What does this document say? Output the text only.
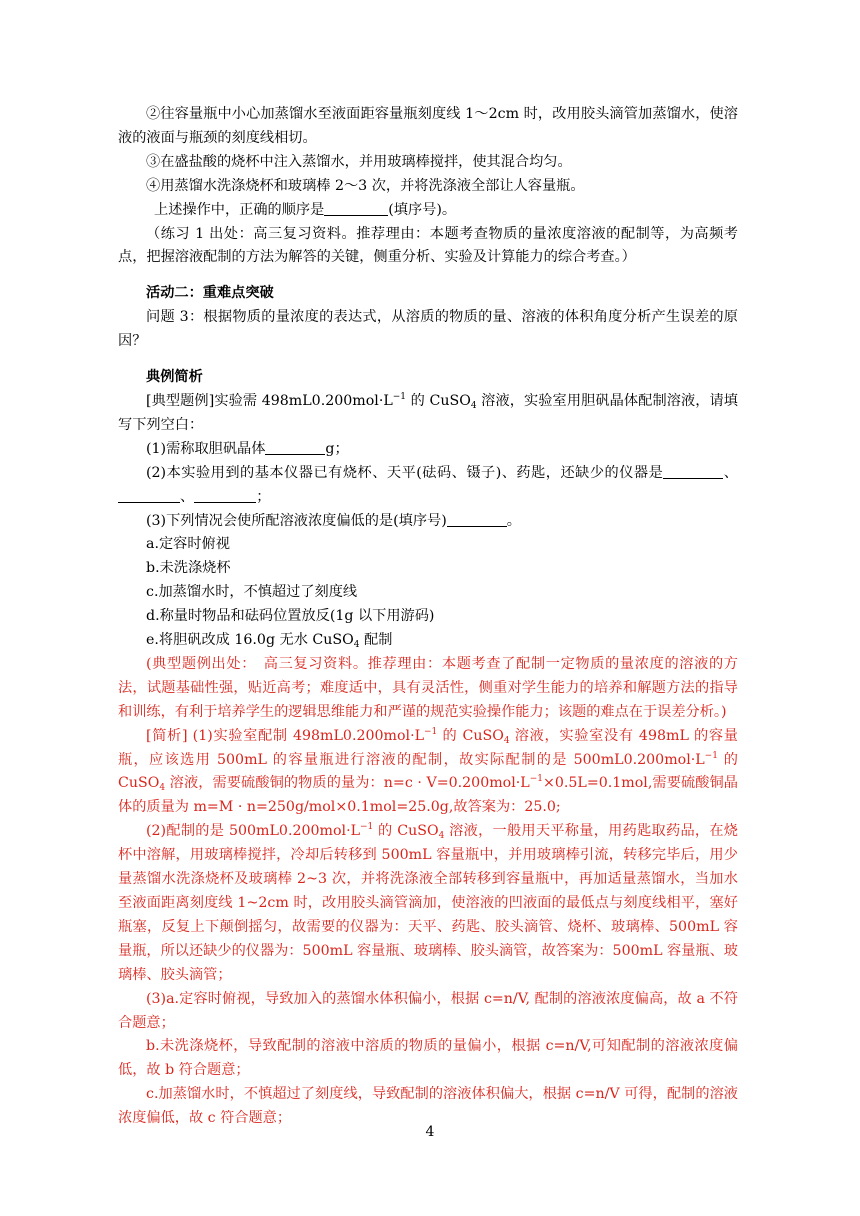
②往容量瓶中小心加蒸馏水至液面距容量瓶刻度线 1～2cm 时，改用胶头滴管加蒸馏水，使溶液的液面与瓶颈的刻度线相切。

③在盛盐酸的烧杯中注入蒸馏水，并用玻璃棒搅拌，使其混合均匀。

④用蒸馏水洗涤烧杯和玻璃棒 2～3 次，并将洗涤液全部让人容量瓶。

上述操作中，正确的顺序是	(填序号)。

（练习 1 出处：高三复习资料。推荐理由：本题考查物质的量浓度溶液的配制等，为高频考点，把握溶液配制的方法为解答的关键，侧重分析、实验及计算能力的综合考查。）

活动二：重难点突破

问题 3：根据物质的量浓度的表达式，从溶质的物质的量、溶液的体积角度分析产生误差的原因？

典例简析

[典型题例]实验需 $498mL0.200mol\cdot L^{-1}$ 的 CuSO$_4$ 溶液，实验室用胆矾晶体配制溶液，请填写下列空白：

(1)需称取胆矾晶体	g；

(2)本实验用到的基本仪器已有烧杯、天平(砝码、镊子)、药匙，还缺少的仪器是	、、	；

(3)下列情况会使所配溶液浓度偏低的是(填序号)	。

a.定容时俯视

b.未洗涤烧杯

c.加蒸馏水时，不慎超过了刻度线

d.称量时物品和砝码位置放反(1g 以下用游码)

e.将胆矾改成 16.0g 无水 CuSO$_4$ 配制

(典型题例出处：　高三复习资料。推荐理由：本题考查了配制一定物质的量浓度的溶液的方法，试题基础性强，贴近高考；难度适中，具有灵活性，侧重对学生能力的培养和解题方法的指导和训练，有利于培养学生的逻辑思维能力和严谨的规范实验操作能力；该题的难点在于误差分析。)

[简析] (1)实验室配制 $498mL0.200mol\cdot L^{-1}$ 的 CuSO$_4$ 溶液，实验室没有 498mL 的容量瓶，应该选用 500mL 的容量瓶进行溶液的配制，故实际配制的是 $500mL0.200mol\cdot L^{-1}$ 的 CuSO$_4$ 溶液，需要硫酸铜的物质的量为：$n=c \cdot V=0.200mol\cdot L^{-1}\times 0.5L=0.1mol$,需要硫酸铜晶体的质量为 m=M · n=250g/mol×0.1mol=25.0g,故答案为：25.0;

(2)配制的是 $500mL0.200mol\cdot L^{-1}$ 的 CuSO$_4$ 溶液，一般用天平称量，用药匙取药品，在烧杯中溶解，用玻璃棒搅拌，冷却后转移到 500mL 容量瓶中，并用玻璃棒引流，转移完毕后，用少量蒸馏水洗涤烧杯及玻璃棒 2~3 次，并将洗涤液全部转移到容量瓶中，再加适量蒸馏水，当加水至液面距离刻度线 1~2cm 时，改用胶头滴管滴加，使溶液的凹液面的最低点与刻度线相平，塞好瓶塞，反复上下颠倒摇匀，故需要的仪器为：天平、药匙、胶头滴管、烧杯、玻璃棒、500mL 容量瓶，所以还缺少的仪器为：500mL 容量瓶、玻璃棒、胶头滴管，故答案为：500mL 容量瓶、玻璃棒、胶头滴管；

(3)a.定容时俯视，导致加入的蒸馏水体积偏小，根据 c=n/V, 配制的溶液浓度偏高，故 a 不符合题意；

b.未洗涤烧杯，导致配制的溶液中溶质的物质的量偏小，根据 c=n/V,可知配制的溶液浓度偏低，故 b 符合题意；

c.加蒸馏水时，不慎超过了刻度线，导致配制的溶液体积偏大，根据 c=n/V 可得，配制的溶液浓度偏低，故 c 符合题意；

4
